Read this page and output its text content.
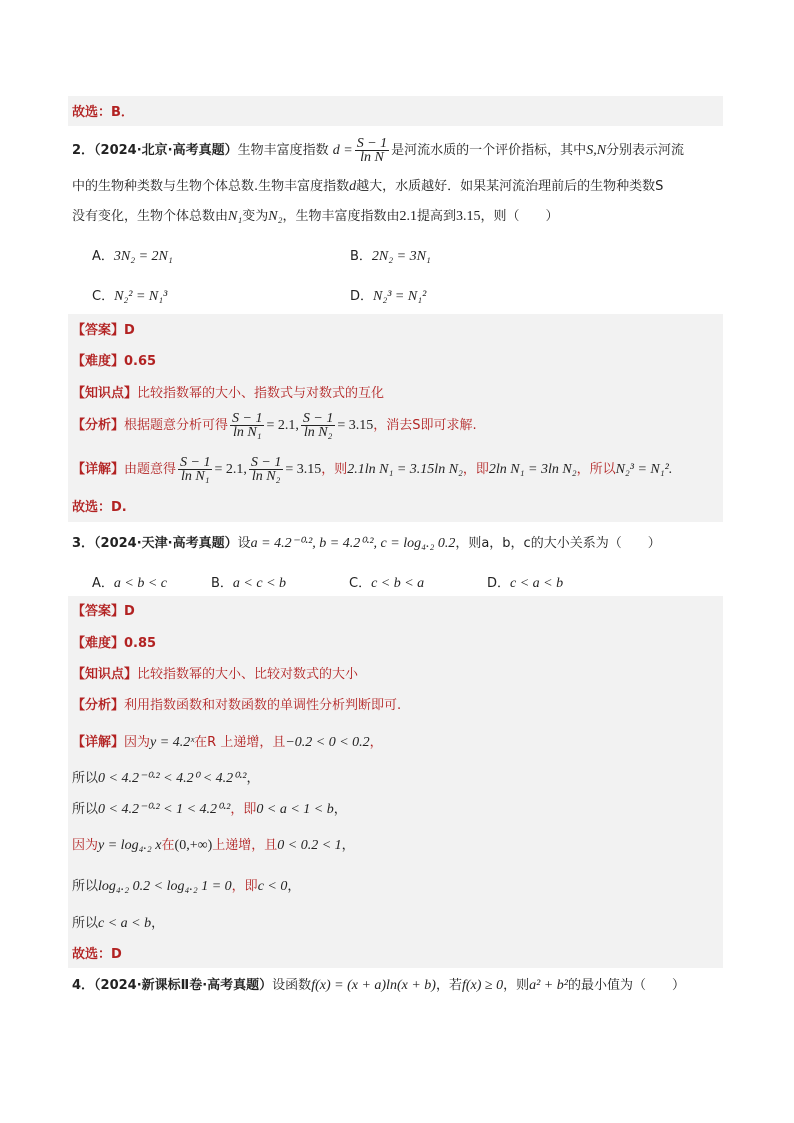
故选：B．
2．（2024·北京·高考真题）生物丰富度指数 $d = \frac{S - 1}{\text{ln N}}$ 是河流水质的一个评价指标，其中S,N分别表示河流
中的生物种类数与生物个体总数.生物丰富度指数d越大，水质越好．如果某河流治理前后的生物种类数S
没有变化，生物个体总数由N₁变为N₂，生物丰富度指数由2.1提高到3.15，则（　　）
A．3N₂ = 2N₁	B．2N₂ = 3N₁
C．N₂² = N₁³	D．N₂³ = N₁²
【答案】D
【难度】0.65
【知识点】比较指数幂的大小、指数式与对数式的互化
【分析】根据题意分析可得 $\frac{S - 1}{\text{ln N₁}} = 2.1$, $\frac{S - 1}{\text{ln N₂}} = 3.15$，消去S即可求解.
【详解】由题意得 $\frac{S - 1}{\text{ln N₁}} = 2.1$, $\frac{S - 1}{\text{ln N₂}} = 3.15$，则2.1ln N₁ = 3.15ln N₂，即2ln N₁ = 3ln N₂，所以N₂³ = N₁².
故选：D.
3．（2024·天津·高考真题）设a = 4.2⁻⁰·², b = 4.2⁰·², c = log₄.₂ 0.2，则a，b，c的大小关系为（　　）
A．a < b < c	B．a < c < b	C．c < b < a	D．c < a < b
【答案】D
【难度】0.85
【知识点】比较指数幂的大小、比较对数式的大小
【分析】利用指数函数和对数函数的单调性分析判断即可.
【详解】因为y = 4.2ˣ在R 上递增，且−0.2 < 0 < 0.2，
所以0 < 4.2⁻⁰·² < 4.2⁰ < 4.2⁰·²，
所以0 < 4.2⁻⁰·² < 1 < 4.2⁰·²，即0 < a < 1 < b，
因为y = log₄.₂ x在(0,+∞)上递增，且0 < 0.2 < 1，
所以log₄.₂ 0.2 < log₄.₂ 1 = 0，即c < 0，
所以c < a < b，
故选：D
4．（2024·新课标Ⅱ卷·高考真题）设函数f(x) = (x + a)ln(x + b)，若f(x) ≥ 0，则a² + b²的最小值为（　　）
